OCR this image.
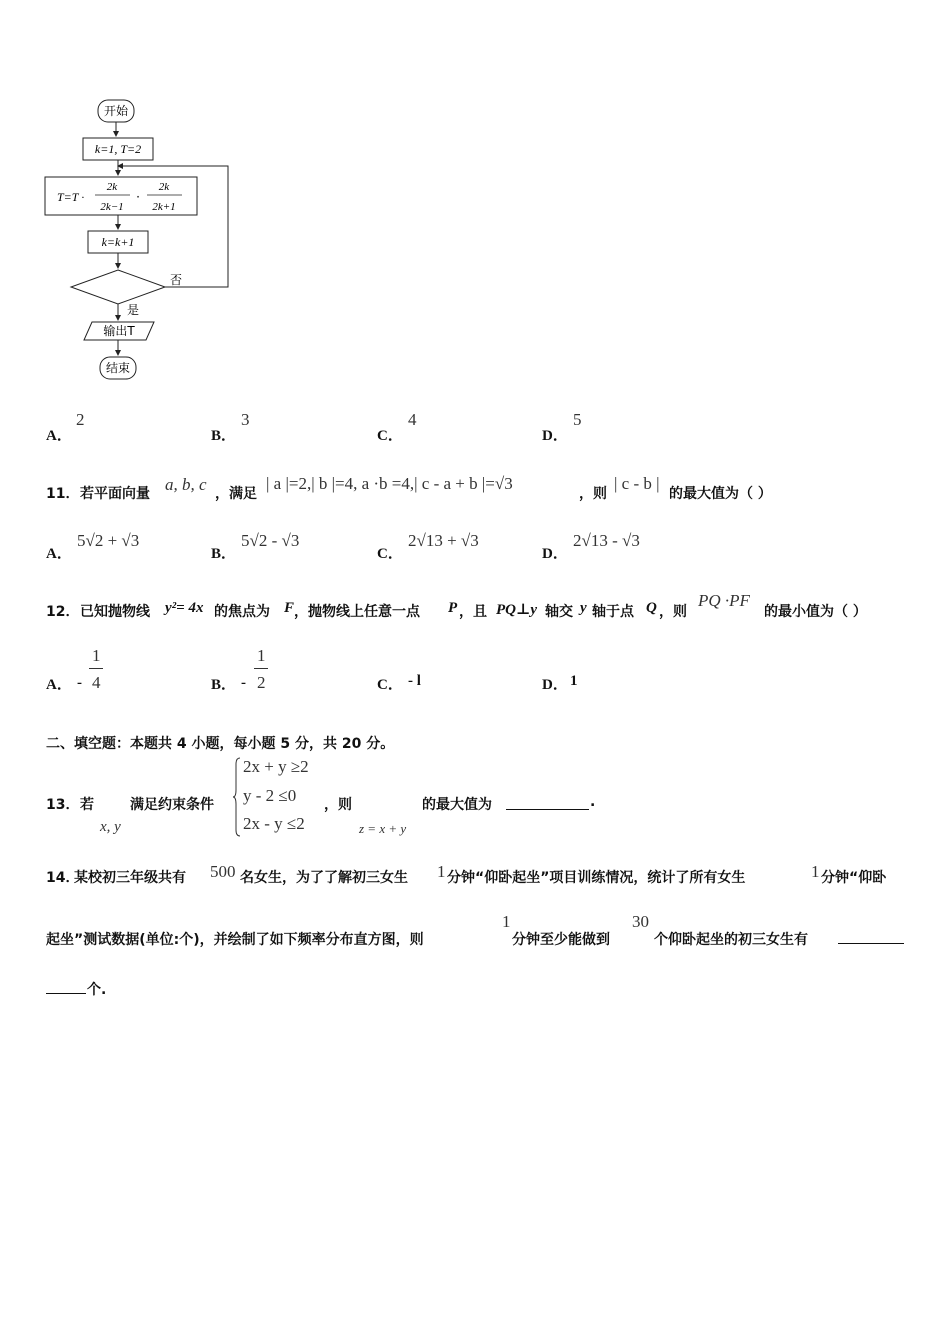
开始
k=1, T=2
T=T ·
2k
2k−1
·
2k
2k+1
k=k+1
否
是
输出T
结束
A．
2
B．
3
C．
4
D．
5
11． 若平面向量 a, b, c ，满足
| a |=2,| b |=4, a ·b =4,| c - a + b |=√3
，则
| c - b |
的最大值为（ ）
A．
5√2 + √3
B．
5√2 - √3
C．
2√13 + √3
D．
2√13 - √3
12． 已知抛物线 y²= 4x 的焦点为 F ，抛物线上任意一点 P ，且 PQ⊥y 轴交 y 轴于点 Q ，则
PQ ·PF
的最小值为（ ）
A． -
1
4	B． -
1
2	C． - l	D． 1
二、填空题：本题共 4 小题，每小题 5 分，共 20 分。
13． 若
x, y
满足约束条件
2x + y ≥2
y - 2 ≤0
2x - y ≤2
，则
z = x + y
的最大值为	.
14．
某校初三年级共有 500 名女生，为了了解初三女生 1 分钟“仰卧起坐”项目训练情况，统计了所有女生	1 分钟“仰卧
起坐”测试数据(单位:个)，并绘制了如下频率分布直方图，则
1
分钟至少能做到
30
个仰卧起坐的初三女生有
个.
